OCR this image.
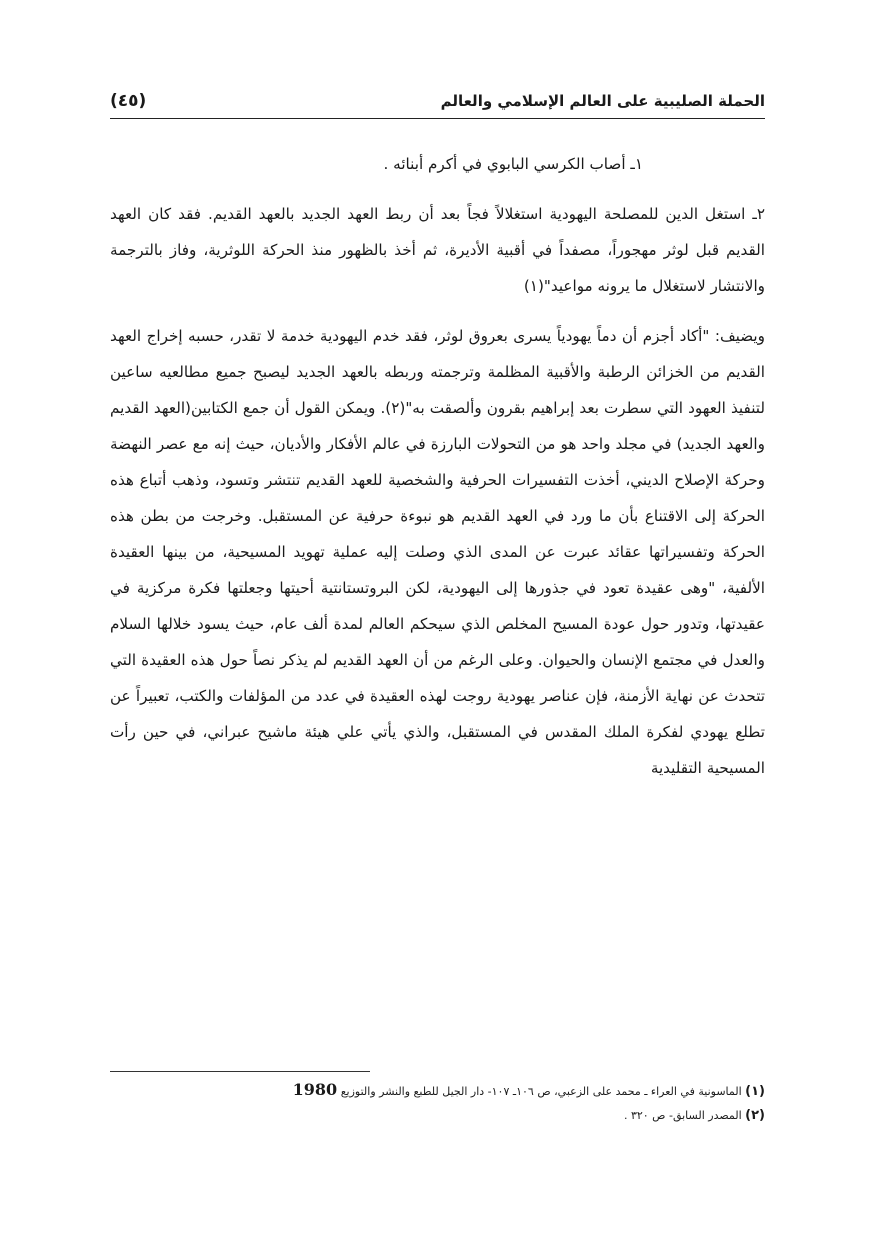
الحملة الصليبية على العالم الإسلامي والعالم
(٤٥)

١ـ أصاب الكرسي البابوي في أكرم أبنائه .

٢ـ استغل الدين للمصلحة اليهودية استغلالاً فجاً بعد أن ربط العهد الجديد بالعهد القديم. فقد كان العهد القديم قبل لوثر مهجوراً، مصفداً في أقبية الأديرة، ثم أخذ بالظهور منذ الحركة اللوثرية، وفاز بالترجمة والانتشار لاستغلال ما يرونه مواعيد"(١)

ويضيف: "أكاد أجزم أن دماً يهودياً يسرى بعروق لوثر، فقد خدم اليهودية خدمة لا تقدر، حسبه إخراج العهد القديم من الخزائن الرطبة والأقبية المظلمة وترجمته وربطه بالعهد الجديد ليصبح جميع مطالعيه ساعين لتنفيذ العهود التي سطرت بعد إبراهيم بقرون وألصقت به"(٢). ويمكن القول أن جمع الكتابين(العهد القديم والعهد الجديد) في مجلد واحد هو من التحولات البارزة في عالم الأفكار والأديان، حيث إنه مع عصر النهضة وحركة الإصلاح الديني، أخذت التفسيرات الحرفية والشخصية للعهد القديم تنتشر وتسود، وذهب أتباع هذه الحركة إلى الاقتناع بأن ما ورد في العهد القديم هو نبوءة حرفية عن المستقبل. وخرجت من بطن هذه الحركة وتفسيراتها عقائد عبرت عن المدى الذي وصلت إليه عملية تهويد المسيحية، من بينها العقيدة الألفية، "وهى عقيدة تعود في جذورها إلى اليهودية، لكن البروتستانتية أحيتها وجعلتها فكرة مركزية في عقيدتها، وتدور حول عودة المسيح المخلص الذي سيحكم العالم لمدة ألف عام، حيث يسود خلالها السلام والعدل في مجتمع الإنسان والحيوان. وعلى الرغم من أن العهد القديم لم يذكر نصاً حول هذه العقيدة التي تتحدث عن نهاية الأزمنة، فإن عناصر يهودية روجت لهذه العقيدة في عدد من المؤلفات والكتب، تعبيراً عن تطلع يهودي لفكرة الملك المقدس في المستقبل، والذي يأتي علي هيئة ماشيح عبراني، في حين رأت المسيحية التقليدية

(١) الماسونية في العراء ـ محمد على الزعبي، ص ١٠٦ـ ١٠٧- دار الجيل للطبع والنشر والتوزيع 1980
(٢) المصدر السابق- ص ٣٢٠ .
